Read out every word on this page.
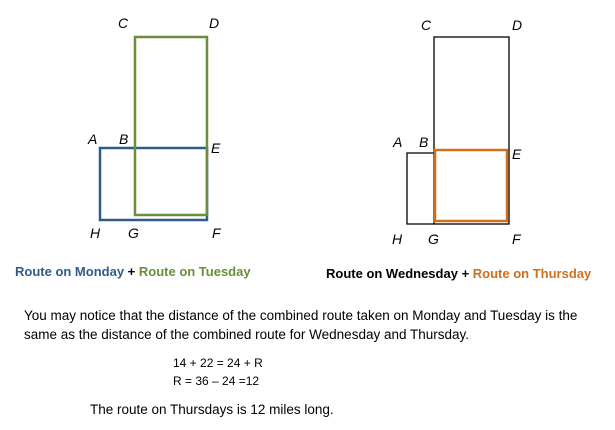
C	D
A B
E
H G	F
C	D
A B
E
H G	F
Route on Monday + Route on Tuesday	Route on Wednesday + Route on Thursday
You may notice that the distance of the combined route taken on Monday and Tuesday is the same as the distance of the combined route for Wednesday and Thursday.
14 + 22 = 24 + R
R = 36 – 24 =12
The route on Thursdays is 12 miles long.
